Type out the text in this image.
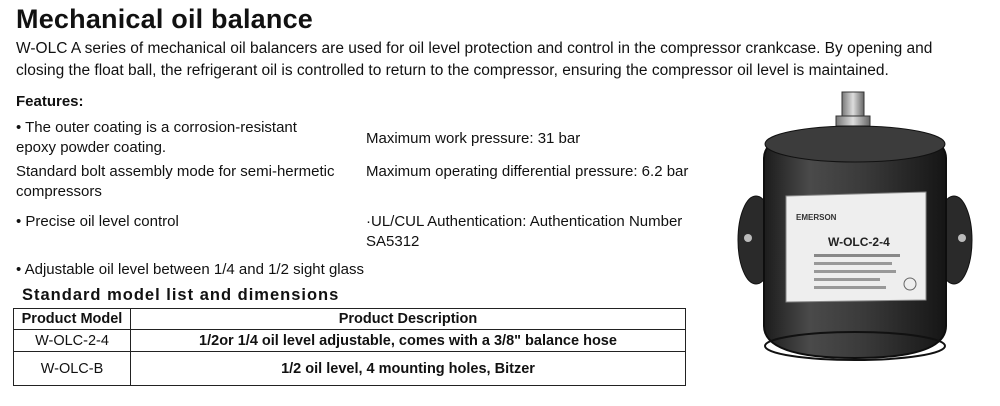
Mechanical oil balance
W-OLC A series of mechanical oil balancers are used for oil level protection and control in the compressor crankcase. By opening and closing the float ball, the refrigerant oil is controlled to return to the compressor, ensuring the compressor oil level is maintained.
Features:
• The outer coating is a corrosion-resistant epoxy powder coating.
Standard bolt assembly mode for semi-hermetic compressors
• Precise oil level control
• Adjustable oil level between 1/4 and 1/2 sight glass
Maximum work pressure: 31 bar
Maximum operating differential pressure: 6.2 bar
·UL/CUL Authentication: Authentication Number SA5312
Standard model list and dimensions
Product Model	Product Description
W-OLC-2-4	1/2or 1/4 oil level adjustable, comes with a 3/8" balance hose
W-OLC-B	1/2 oil level, 4 mounting holes, Bitzer
EMERSON
W-OLC-2-4
